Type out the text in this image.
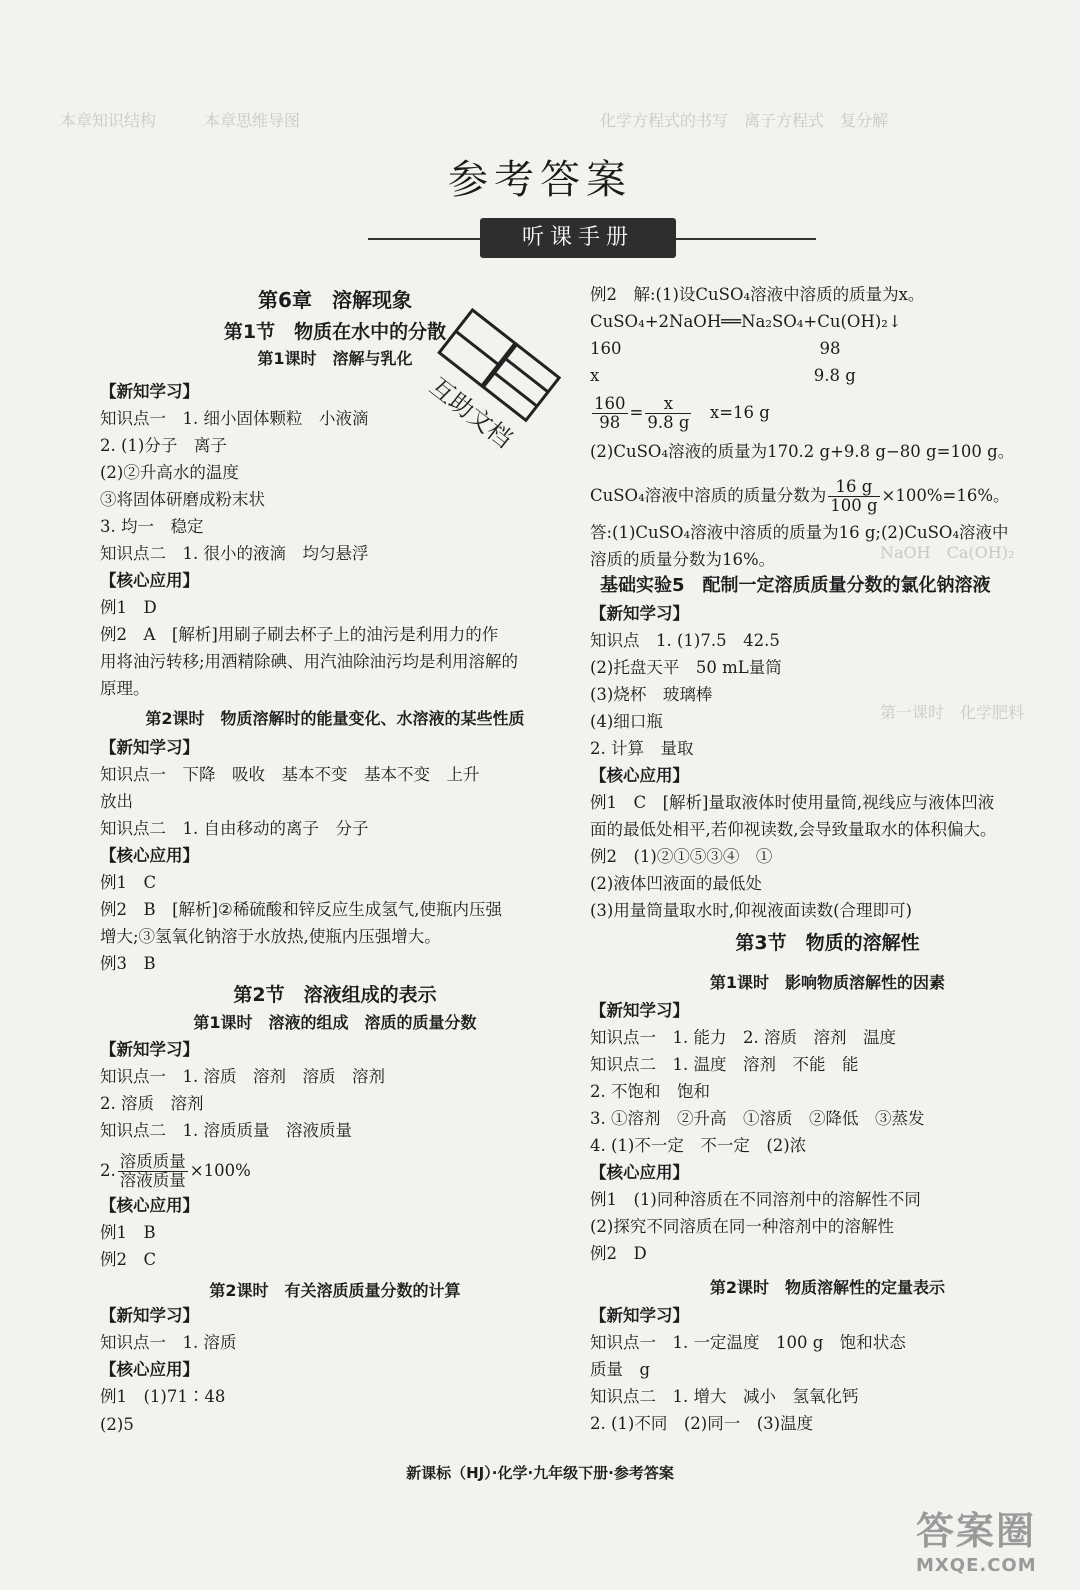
本章知识结构　　　本章思维导图	化学方程式的书写　离子方程式　复分解
第一课时　化学肥料
NaOH　Ca(OH)₂
参考答案
听课手册
第6章　溶解现象
第1节　物质在水中的分散
第1课时　溶解与乳化
【新知学习】
知识点一　1. 细小固体颗粒　小液滴
2. (1)分子　离子
(2)②升高水的温度
③将固体研磨成粉末状
3. 均一　稳定
知识点二　1. 很小的液滴　均匀悬浮
【核心应用】
例1　D
例2　A　[解析]用刷子刷去杯子上的油污是利用力的作
用将油污转移;用酒精除碘、用汽油除油污均是利用溶解的
原理。
第2课时　物质溶解时的能量变化、水溶液的某些性质
【新知学习】
知识点一　下降　吸收　基本不变　基本不变　上升
放出
知识点二　1. 自由移动的离子　分子
【核心应用】
例1　C
例2　B　[解析]②稀硫酸和锌反应生成氢气,使瓶内压强
增大;③氢氧化钠溶于水放热,使瓶内压强增大。
例3　B
第2节　溶液组成的表示
第1课时　溶液的组成　溶质的质量分数
【新知学习】
知识点一　1. 溶质　溶剂　溶质　溶剂
2. 溶质　溶剂
知识点二　1. 溶质质量　溶液质量
2. $\frac{\text{溶质质量}}{\text{溶液质量}} \times 100\%$
【核心应用】
例1　B
例2　C
第2课时　有关溶质质量分数的计算
【新知学习】
知识点一　1. 溶质
【核心应用】
例1　(1)71∶48
(2)5
例2　解:(1)设CuSO₄溶液中溶质的质量为x。
CuSO₄+2NaOH══Na₂SO₄+Cu(OH)₂↓
160　　　　　　　　　　　　98
x　　　　　　　　　　　　　9.8 g
$\frac{160}{98} = \frac{x}{9.8 g}$ 　x=16 g
(2)CuSO₄溶液的质量为170.2 g+9.8 g−80 g=100 g。
CuSO₄溶液中溶质的质量分数为 $\frac{16 g}{100 g} \times 100\%=16\%$。
答:(1)CuSO₄溶液中溶质的质量为16 g;(2)CuSO₄溶液中
溶质的质量分数为16%。
基础实验5　配制一定溶质质量分数的氯化钠溶液
【新知学习】
知识点　1. (1)7.5　42.5
(2)托盘天平　50 mL量筒
(3)烧杯　玻璃棒
(4)细口瓶
2. 计算　量取
【核心应用】
例1　C　[解析]量取液体时使用量筒,视线应与液体凹液
面的最低处相平,若仰视读数,会导致量取水的体积偏大。
例2　(1)②①⑤③④　①
(2)液体凹液面的最低处
(3)用量筒量取水时,仰视液面读数(合理即可)
第3节　物质的溶解性
第1课时　影响物质溶解性的因素
【新知学习】
知识点一　1. 能力　2. 溶质　溶剂　温度
知识点二　1. 温度　溶剂　不能　能
2. 不饱和　饱和
3. ①溶剂　②升高　①溶质　②降低　③蒸发
4. (1)不一定　不一定　(2)浓
【核心应用】
例1　(1)同种溶质在不同溶剂中的溶解性不同
(2)探究不同溶质在同一种溶剂中的溶解性
例2　D
第2课时　物质溶解性的定量表示
【新知学习】
知识点一　1. 一定温度　100 g　饱和状态
质量　g
知识点二　1. 增大　减小　氢氧化钙
2. (1)不同　(2)同一　(3)温度
互助文档
新课标（HJ）·化学·九年级下册·参考答案
答案圈
MXQE.COM
